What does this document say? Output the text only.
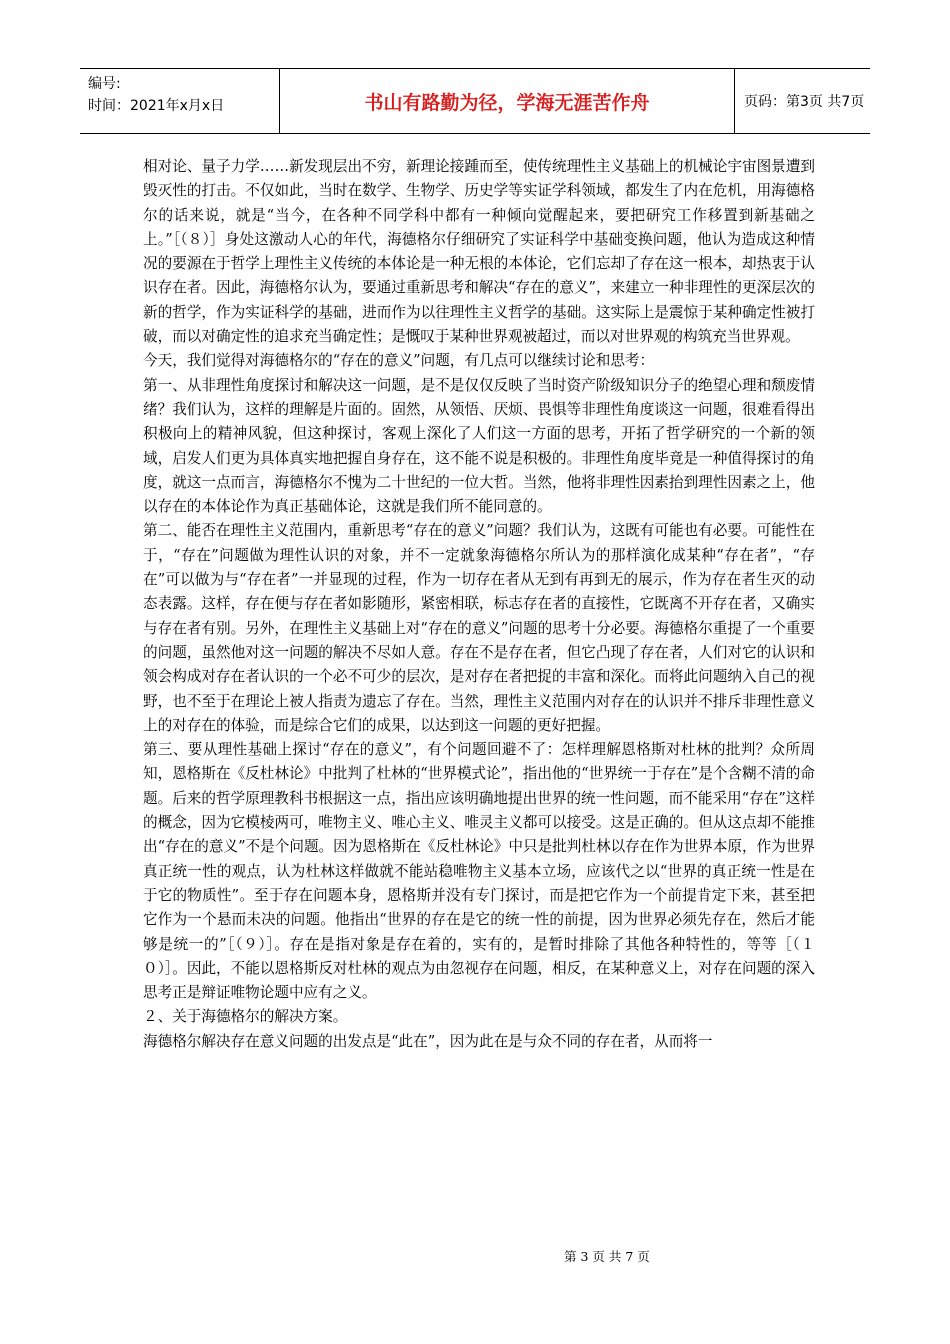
编号:
时间：2021年x月x日	书山有路勤为径，学海无涯苦作舟	页码：第3页 共7页

相对论、量子力学……新发现层出不穷，新理论接踵而至，使传统理性主义基础上的机械论宇宙图景遭到毁灭性的打击。不仅如此，当时在数学、生物学、历史学等实证学科领域，都发生了内在危机，用海德格尔的话来说，就是“当今，在各种不同学科中都有一种倾向觉醒起来，要把研究工作移置到新基础之上。”［（８）］身处这激动人心的年代，海德格尔仔细研究了实证科学中基础变换问题，他认为造成这种情况的要源在于哲学上理性主义传统的本体论是一种无根的本体论，它们忘却了存在这一根本，却热衷于认识存在者。因此，海德格尔认为，要通过重新思考和解决“存在的意义”，来建立一种非理性的更深层次的新的哲学，作为实证科学的基础，进而作为以往理性主义哲学的基础。这实际上是震惊于某种确定性被打破，而以对确定性的追求充当确定性；是慨叹于某种世界观被超过，而以对世界观的构筑充当世界观。

今天，我们觉得对海德格尔的“存在的意义”问题，有几点可以继续讨论和思考：

第一、从非理性角度探讨和解决这一问题，是不是仅仅反映了当时资产阶级知识分子的绝望心理和颓废情绪？我们认为，这样的理解是片面的。固然，从领悟、厌烦、畏惧等非理性角度谈这一问题，很难看得出积极向上的精神风貌，但这种探讨，客观上深化了人们这一方面的思考，开拓了哲学研究的一个新的领域，启发人们更为具体真实地把握自身存在，这不能不说是积极的。非理性角度毕竟是一种值得探讨的角度，就这一点而言，海德格尔不愧为二十世纪的一位大哲。当然，他将非理性因素抬到理性因素之上，他以存在的本体论作为真正基础体论，这就是我们所不能同意的。

第二、能否在理性主义范围内，重新思考“存在的意义”问题？我们认为，这既有可能也有必要。可能性在于，“存在”问题做为理性认识的对象，并不一定就象海德格尔所认为的那样演化成某种“存在者”，“存在”可以做为与“存在者”一并显现的过程，作为一切存在者从无到有再到无的展示，作为存在者生灭的动态表露。这样，存在便与存在者如影随形，紧密相联，标志存在者的直接性，它既离不开存在者，又确实与存在者有别。另外，在理性主义基础上对“存在的意义”问题的思考十分必要。海德格尔重提了一个重要的问题，虽然他对这一问题的解决不尽如人意。存在不是存在者，但它凸现了存在者，人们对它的认识和领会构成对存在者认识的一个必不可少的层次，是对存在者把捉的丰富和深化。而将此问题纳入自己的视野，也不至于在理论上被人指责为遗忘了存在。当然，理性主义范围内对存在的认识并不排斥非理性意义上的对存在的体验，而是综合它们的成果，以达到这一问题的更好把握。

第三、要从理性基础上探讨“存在的意义”，有个问题回避不了：怎样理解恩格斯对杜林的批判？众所周知，恩格斯在《反杜林论》中批判了杜林的“世界模式论”，指出他的“世界统一于存在”是个含糊不清的命题。后来的哲学原理教科书根据这一点，指出应该明确地提出世界的统一性问题，而不能采用“存在”这样的概念，因为它模棱两可，唯物主义、唯心主义、唯灵主义都可以接受。这是正确的。但从这点却不能推出“存在的意义”不是个问题。因为恩格斯在《反杜林论》中只是批判杜林以存在作为世界本原，作为世界真正统一性的观点，认为杜林这样做就不能站稳唯物主义基本立场，应该代之以“世界的真正统一性是在于它的物质性”。至于存在问题本身，恩格斯并没有专门探讨，而是把它作为一个前提肯定下来，甚至把它作为一个悬而未决的问题。他指出“世界的存在是它的统一性的前提，因为世界必须先存在，然后才能够是统一的”［（９）］。存在是指对象是存在着的，实有的，是暂时排除了其他各种特性的，等等［（１０）］。因此，不能以恩格斯反对杜林的观点为由忽视存在问题，相反，在某种意义上，对存在问题的深入思考正是辩证唯物论题中应有之义。

２、关于海德格尔的解决方案。

海德格尔解决存在意义问题的出发点是“此在”，因为此在是与众不同的存在者，从而将一

第 3 页 共 7 页
